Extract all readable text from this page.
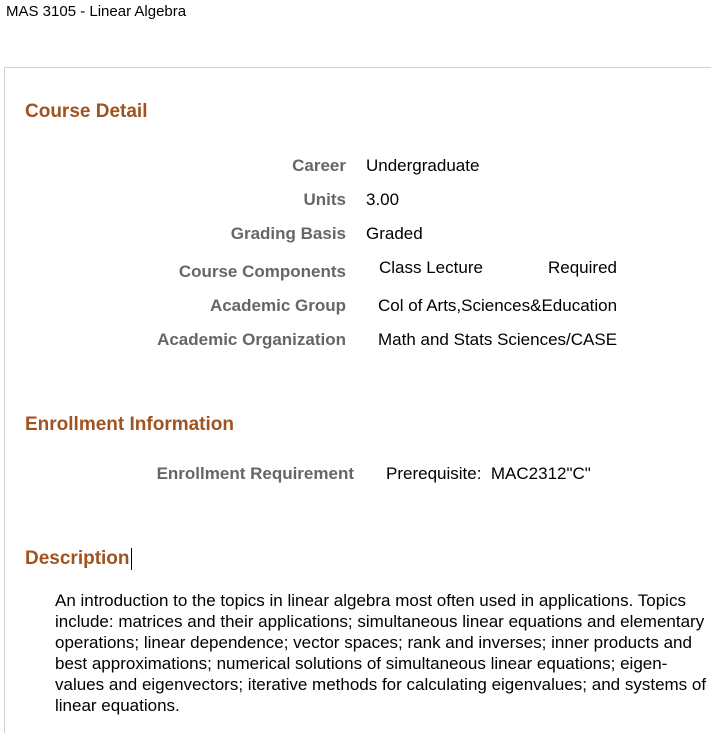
MAS 3105 - Linear Algebra
Course Detail
Career Undergraduate
Units 3.00
Grading Basis Graded
Course Components Class Lecture	Required
Academic Group Col of Arts,Sciences&Education
Academic Organization Math and Stats Sciences/CASE
Enrollment Information
Enrollment Requirement Prerequisite:  MAC2312"C"
Description
An introduction to the topics in linear algebra most often used in applications. Topics include: matrices and their applications; simultaneous linear equations and elementary operations; linear dependence; vector spaces; rank and inverses; inner products and best approximations; numerical solutions of simultaneous linear equations; eigen-values and eigenvectors; iterative methods for calculating eigenvalues; and systems of linear equations.
